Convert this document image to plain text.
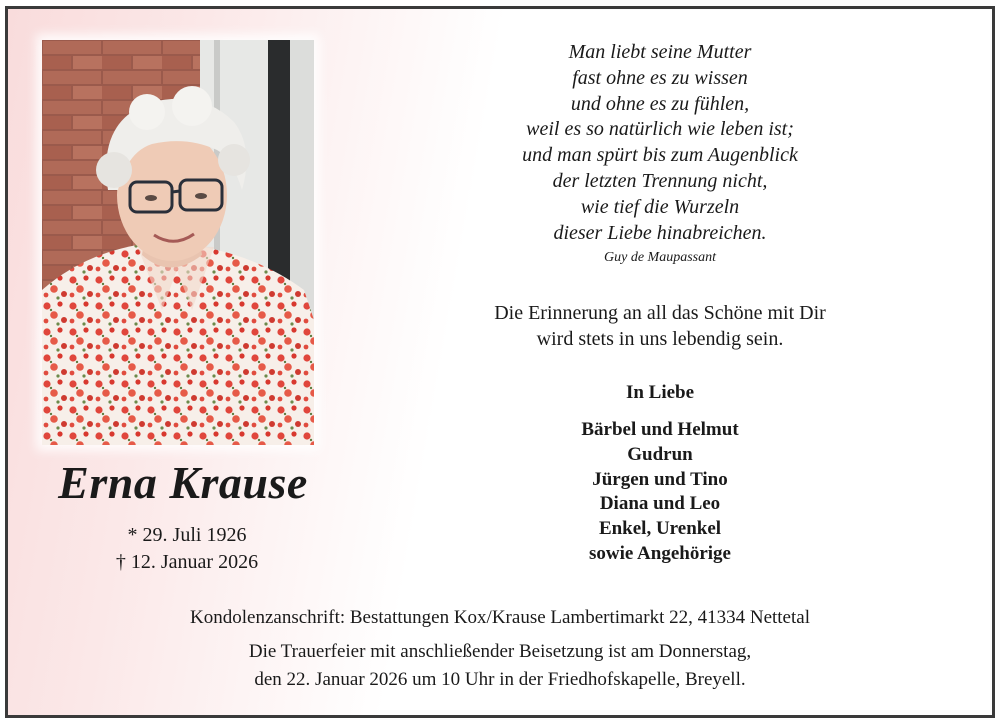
Erna Krause
* 29. Juli 1926
† 12. Januar 2026
Man liebt seine Mutter
fast ohne es zu wissen
und ohne es zu fühlen,
weil es so natürlich wie leben ist;
und man spürt bis zum Augenblick
der letzten Trennung nicht,
wie tief die Wurzeln
dieser Liebe hinabreichen.
Guy de Maupassant
Die Erinnerung an all das Schöne mit Dir
wird stets in uns lebendig sein.
In Liebe
Bärbel und Helmut
Gudrun
Jürgen und Tino
Diana und Leo
Enkel, Urenkel
sowie Angehörige
Kondolenzanschrift: Bestattungen Kox/Krause Lambertimarkt 22, 41334 Nettetal
Die Trauerfeier mit anschließender Beisetzung ist am Donnerstag,
den 22. Januar 2026 um 10 Uhr in der Friedhofskapelle, Breyell.
